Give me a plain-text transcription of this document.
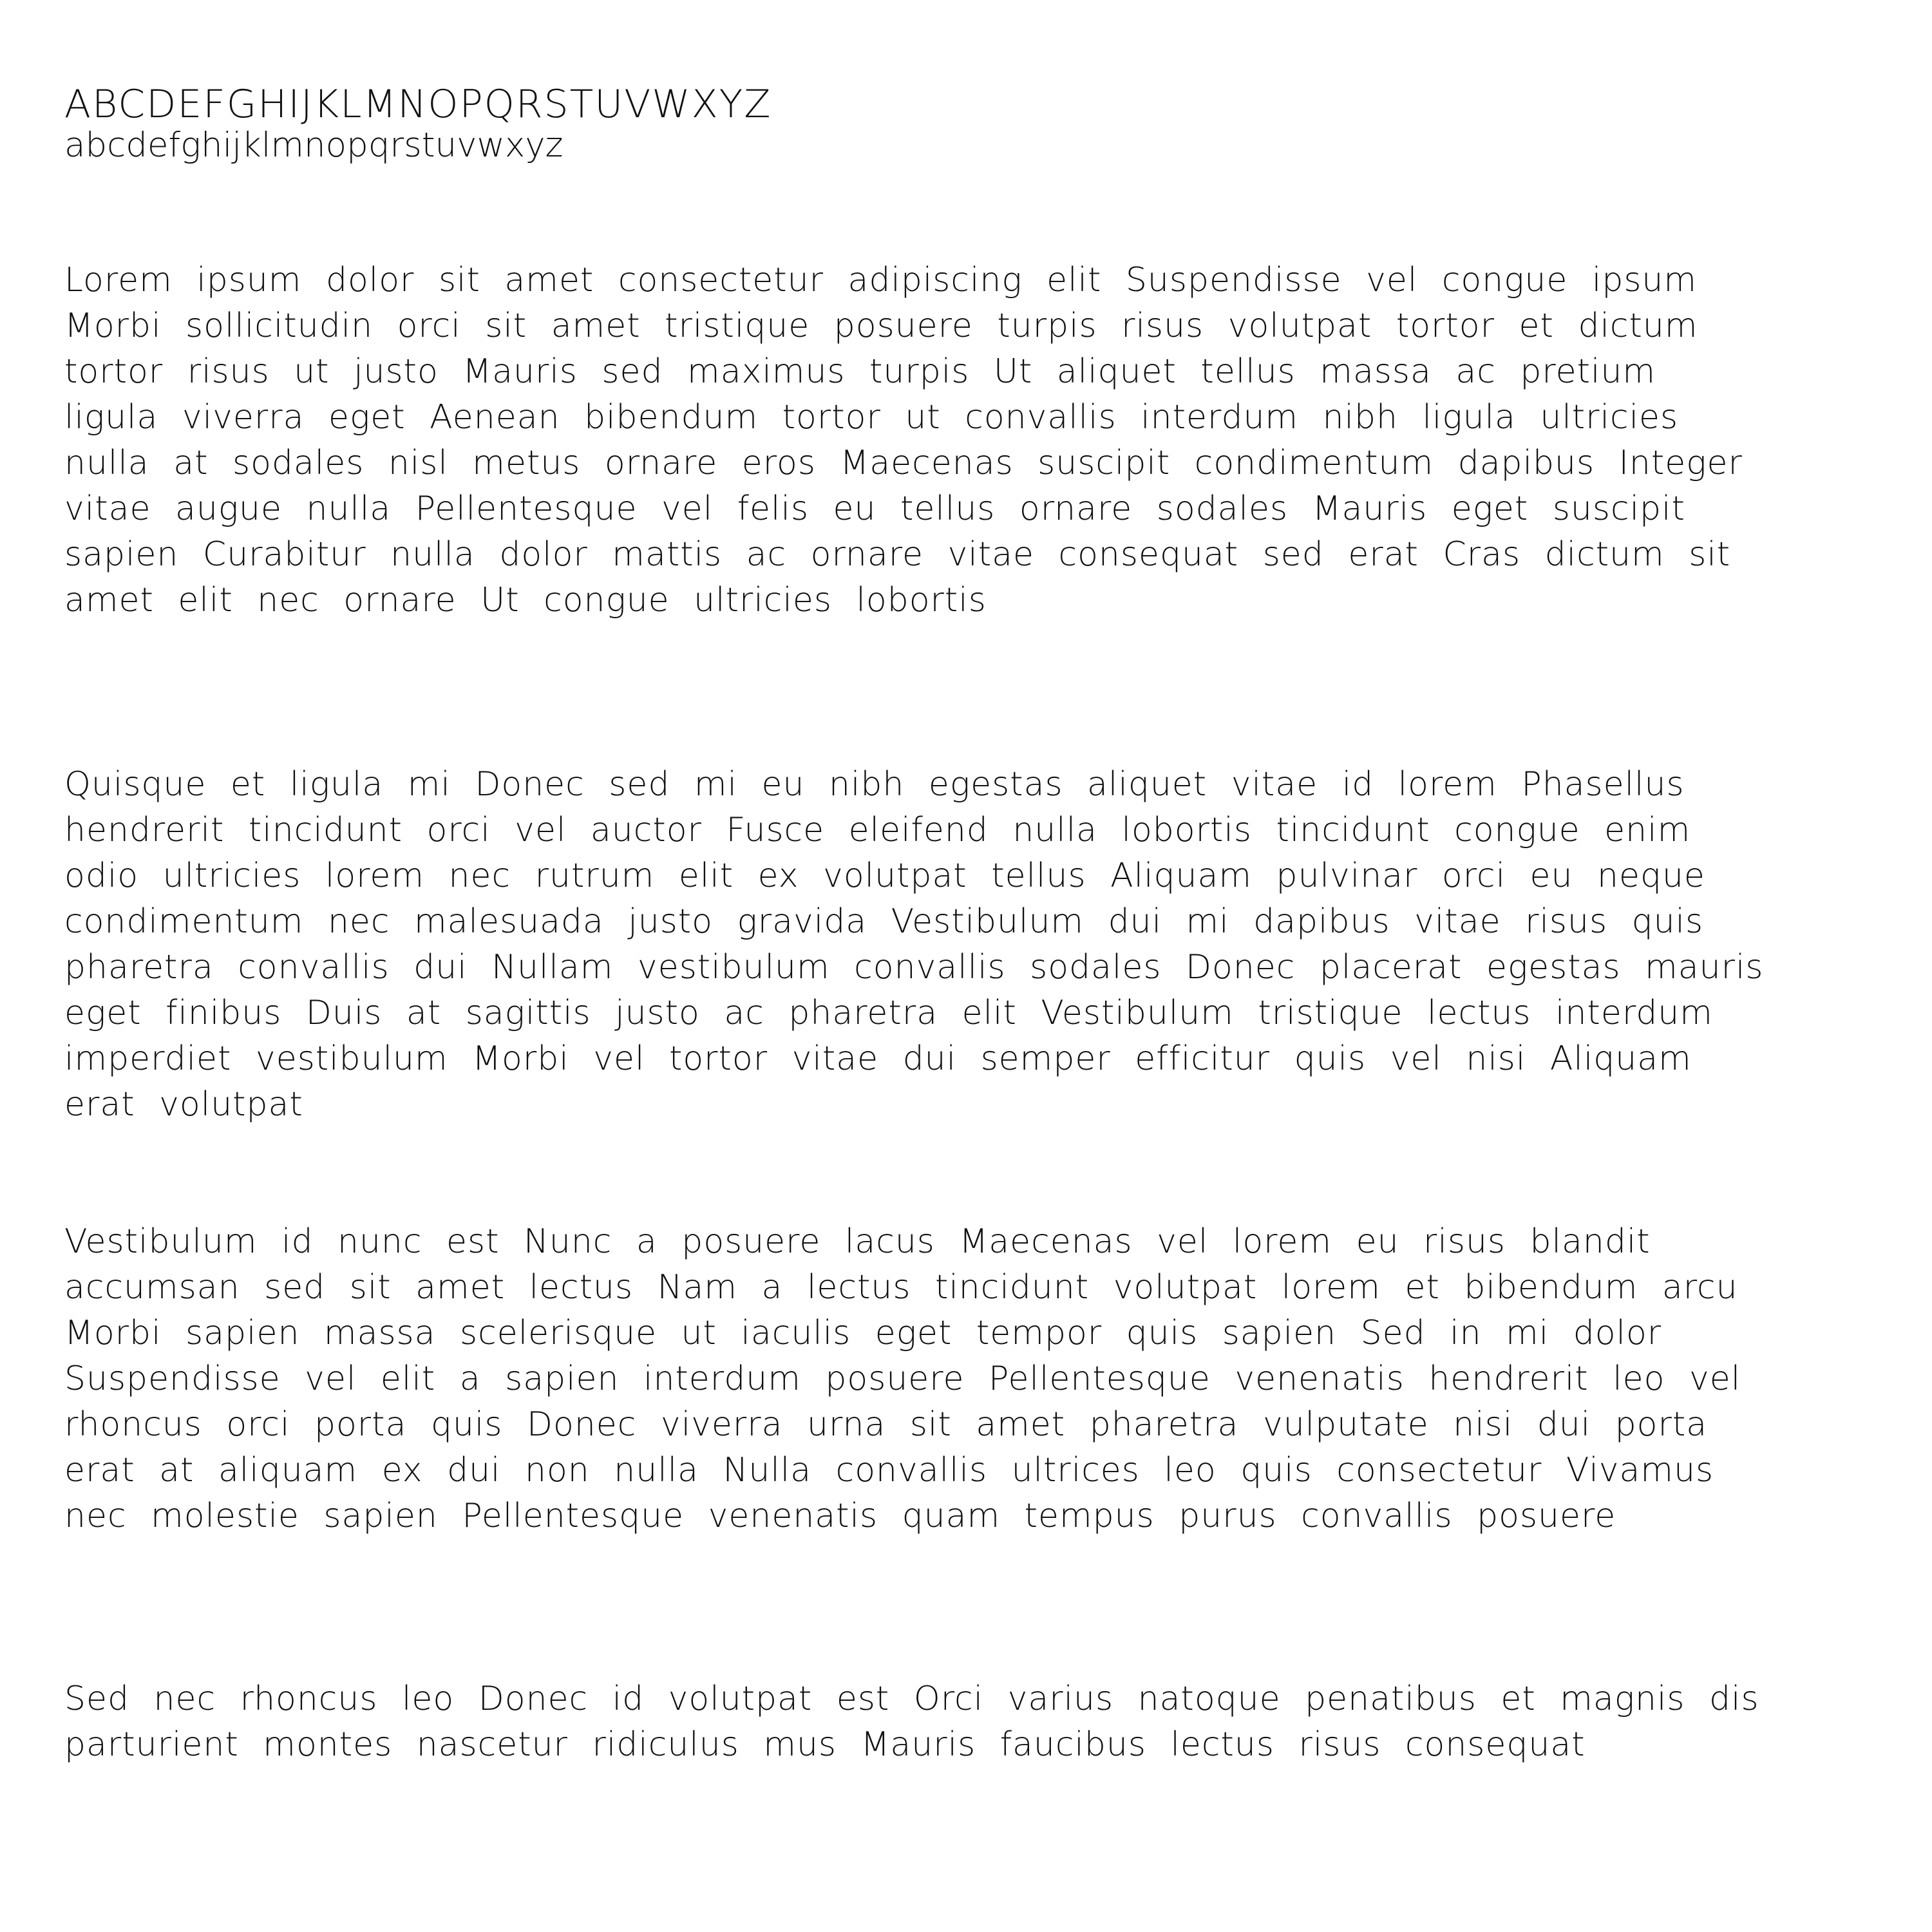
ABCDEFGHIJKLMNOPQRSTUVWXYZ
abcdefghijklmnopqrstuvwxyz

Lorem ipsum dolor sit amet consectetur adipiscing elit Suspendisse vel congue ipsum Morbi sollicitudin orci sit amet tristique posuere turpis risus volutpat tortor et dictum tortor risus ut justo Mauris sed maximus turpis Ut aliquet tellus massa ac pretium ligula viverra eget Aenean bibendum tortor ut convallis interdum nibh ligula ultricies nulla at sodales nisl metus ornare eros Maecenas suscipit condimentum dapibus Integer vitae augue nulla Pellentesque vel felis eu tellus ornare sodales Mauris eget suscipit sapien Curabitur nulla dolor mattis ac ornare vitae consequat sed erat Cras dictum sit amet elit nec ornare Ut congue ultricies lobortis

Quisque et ligula mi Donec sed mi eu nibh egestas aliquet vitae id lorem Phasellus hendrerit tincidunt orci vel auctor Fusce eleifend nulla lobortis tincidunt congue enim odio ultricies lorem nec rutrum elit ex volutpat tellus Aliquam pulvinar orci eu neque condimentum nec malesuada justo gravida Vestibulum dui mi dapibus vitae risus quis pharetra convallis dui Nullam vestibulum convallis sodales Donec placerat egestas mauris eget finibus Duis at sagittis justo ac pharetra elit Vestibulum tristique lectus interdum imperdiet vestibulum Morbi vel tortor vitae dui semper efficitur quis vel nisi Aliquam erat volutpat

Vestibulum id nunc est Nunc a posuere lacus Maecenas vel lorem eu risus blandit accumsan sed sit amet lectus Nam a lectus tincidunt volutpat lorem et bibendum arcu Morbi sapien massa scelerisque ut iaculis eget tempor quis sapien Sed in mi dolor Suspendisse vel elit a sapien interdum posuere Pellentesque venenatis hendrerit leo vel rhoncus orci porta quis Donec viverra urna sit amet pharetra vulputate nisi dui porta erat at aliquam ex dui non nulla Nulla convallis ultrices leo quis consectetur Vivamus nec molestie sapien Pellentesque venenatis quam tempus purus convallis posuere

Sed nec rhoncus leo Donec id volutpat est Orci varius natoque penatibus et magnis dis parturient montes nascetur ridiculus mus Mauris faucibus lectus risus consequat
